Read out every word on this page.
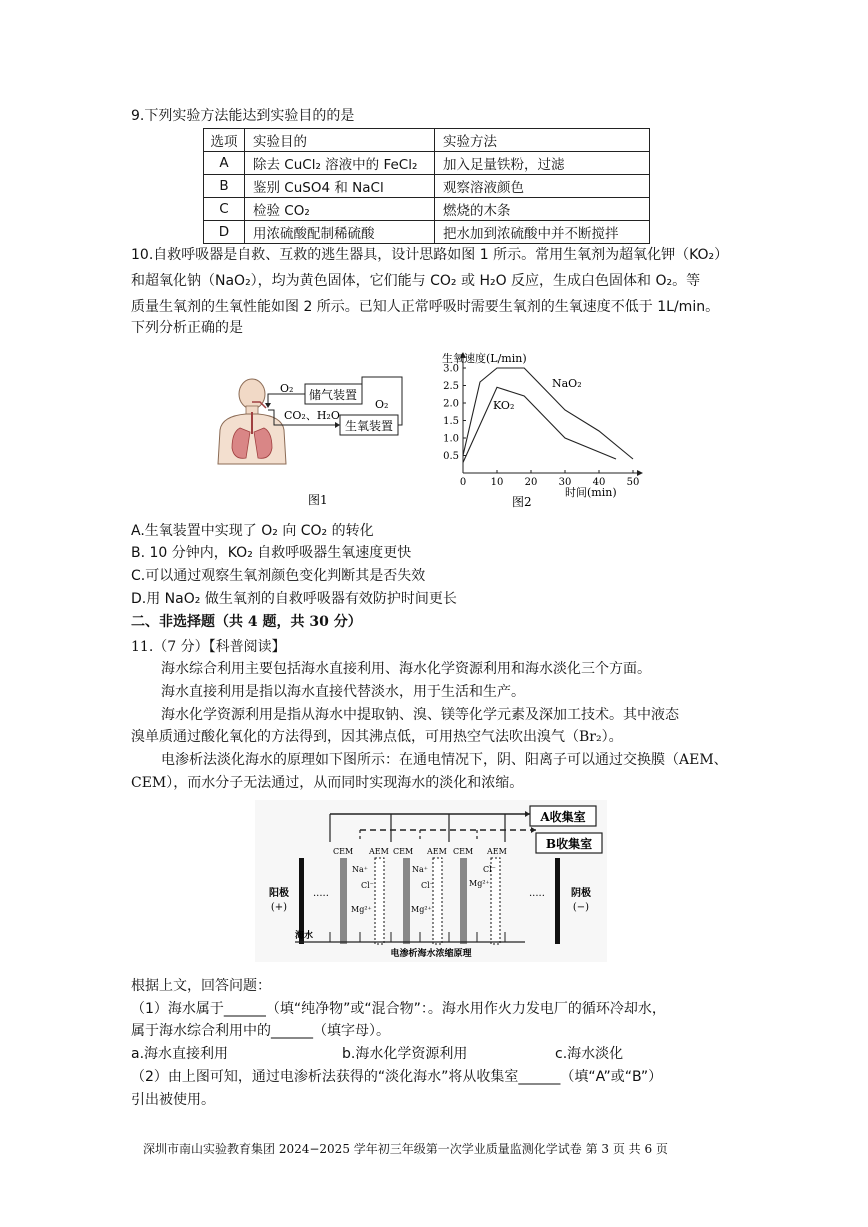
9.下列实验方法能达到实验目的的是
选项	实验目的	实验方法
A	除去 CuCl₂ 溶液中的 FeCl₂	加入足量铁粉，过滤
B	鉴别 CuSO4 和 NaCl	观察溶液颜色
C	检验 CO₂	燃烧的木条
D	用浓硫酸配制稀硫酸	把水加到浓硫酸中并不断搅拌
10.自救呼吸器是自救、互救的逃生器具，设计思路如图 1 所示。常用生氧剂为超氧化钾（KO₂）
和超氧化钠（NaO₂），均为黄色固体，它们能与 CO₂ 或 H₂O 反应，生成白色固体和 O₂。等
质量生氧剂的生氧性能如图 2 所示。已知人正常呼吸时需要生氧剂的生氧速度不低于 1L/min。
下列分析正确的是
储气装置
生氧装置
O₂
CO₂、H₂O
O₂
图1
0 10 20 30 40 50
0.5
1.0
1.5
2.0
2.5
3.0
生氧速度(L/min)
时间(min)
NaO₂
KO₂
图2
A.生氧装置中实现了 O₂ 向 CO₂ 的转化
B. 10 分钟内，KO₂ 自救呼吸器生氧速度更快
C.可以通过观察生氧剂颜色变化判断其是否失效
D.用 NaO₂ 做生氧剂的自救呼吸器有效防护时间更长
二、非选择题（共 4 题，共 30 分）
11.（7 分）【科普阅读】
海水综合利用主要包括海水直接利用、海水化学资源利用和海水淡化三个方面。
海水直接利用是指以海水直接代替淡水，用于生活和生产。
海水化学资源利用是指从海水中提取钠、溴、镁等化学元素及深加工技术。其中液态
溴单质通过酸化氧化的方法得到，因其沸点低，可用热空气法吹出溴气（Br₂）。
电渗析法淡化海水的原理如下图所示：在通电情况下，阴、阳离子可以通过交换膜（AEM、
CEM），而水分子无法通过，从而同时实现海水的淡化和浓缩。
A收集室
B收集室
阳极
(+)
阴极
(−)
.....	.....
CEM AEM CEM AEM CEM AEM
Na⁺
Cl⁻
Na⁺
Cl⁻	Mg²⁺
Cl⁻
Mg²⁺	Mg²⁺
海水
电渗析海水浓缩原理
根据上文，回答问题：
（1）海水属于______（填“纯净物”或“混合物”：。海水用作火力发电厂的循环冷却水，
属于海水综合利用中的______（填字母）。
a.海水直接利用	b.海水化学资源利用	c.海水淡化
（2）由上图可知，通过电渗析法获得的“淡化海水”将从收集室______（填“A”或“B”）
引出被使用。
深圳市南山实验教育集团 2024−2025 学年初三年级第一次学业质量监测化学试卷 第 3 页 共 6 页
